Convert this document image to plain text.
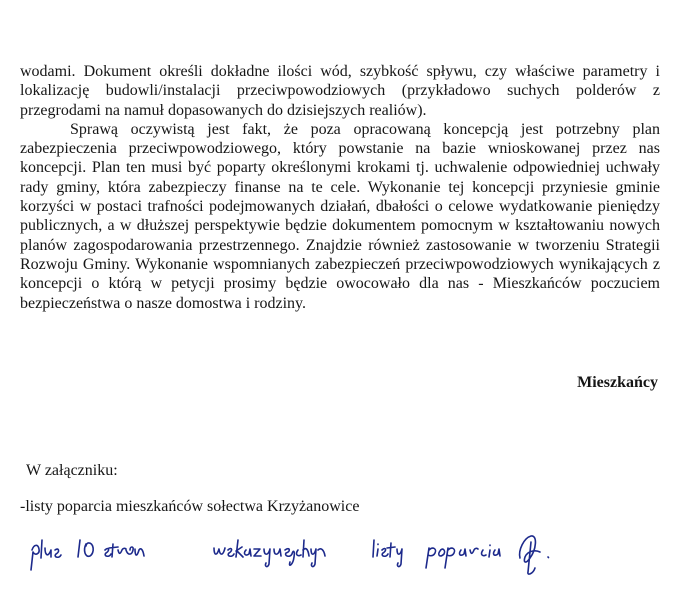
wodami. Dokument określi dokładne ilości wód, szybkość spływu, czy właściwe parametry i lokalizację budowli/instalacji przeciwpowodziowych (przykładowo suchych polderów z przegrodami na namuł dopasowanych do dzisiejszych realiów).

Sprawą oczywistą jest fakt, że poza opracowaną koncepcją jest potrzebny plan zabezpieczenia przeciwpowodziowego, który powstanie na bazie wnioskowanej przez nas koncepcji. Plan ten musi być poparty określonymi krokami tj. uchwalenie odpowiedniej uchwały rady gminy, która zabezpieczy finanse na te cele. Wykonanie tej koncepcji przyniesie gminie korzyści w postaci trafności podejmowanych działań, dbałości o celowe wydatkowanie pieniędzy publicznych, a w dłuższej perspektywie będzie dokumentem pomocnym w kształtowaniu nowych planów zagospodarowania przestrzennego. Znajdzie również zastosowanie w tworzeniu Strategii Rozwoju Gminy. Wykonanie wspomnianych zabezpieczeń przeciwpowodziowych wynikających z koncepcji o którą w petycji prosimy będzie owocowało dla nas - Mieszkańców poczuciem bezpieczeństwa o nasze domostwa i rodziny.

Mieszkańcy
W załączniku:
-listy poparcia mieszkańców sołectwa Krzyżanowice
